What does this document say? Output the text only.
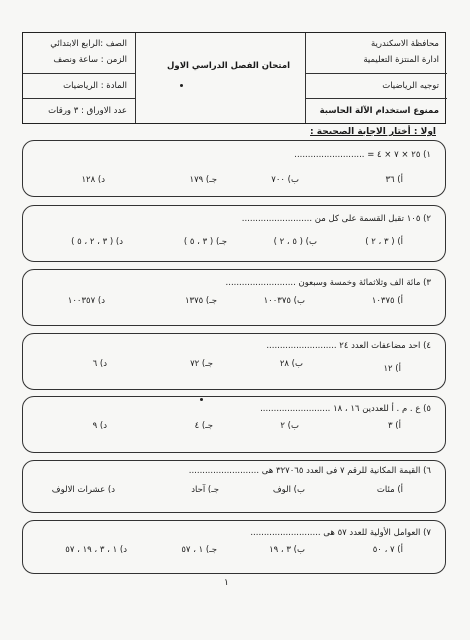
محافظة الاسكندرية
ادارة المنتزة التعليمية
توجيه الرياضيات
ممنوع استخدام الآلة الحاسبة
امتحان الفصل الدراسي الاول
الصف :الرابع الابتدائي
الزمن : ساعة ونصف
المادة : الرياضيات
عدد الاوراق : ٣ ورقات
اولا : أختار الاجابة الصحيحة :
١) ٢٥ × ٧ × ٤ = ..........................
أ) ٣٦
ب) ٧٠٠
جـ) ١٧٩
د) ١٢٨
٢) ١٠٥ تقبل القسمة على كل من ..........................
أ) ( ٣ ، ٢ )
ب) ( ٥ ، ٢ )
جـ) ( ٣ ، ٥ )
د) ( ٣ ، ٢ ، ٥ )
٣) مائة الف وثلاثمائة وخمسة وسبعون ..........................
أ) ١٠٣٧٥
ب) ١٠٠٣٧٥
جـ) ١٣٧٥
د) ١٠٠٣٥٧
٤) احد مضاعفات العدد ٢٤ ..........................
أ) ١٢
ب) ٢٨
جـ) ٧٢
د) ٦
٥) ع . م . أ للعددين ١٦ ، ١٨ ..........................
أ) ٣
ب) ٢
جـ) ٤
د) ٩
٦) القيمة المكانية للرقم ٧ فى العدد ٣٢٧٠٦٥ هى ..........................
أ) مئات
ب) الوف
جـ) آحاد
د) عشرات الالوف
٧) العوامل الأولية للعدد ٥٧ هى ..........................
أ) ٧ ، ٥٠
ب) ٣ ، ١٩
جـ) ١ ، ٥٧
د) ١ ، ٣ ، ١٩ ، ٥٧
١
